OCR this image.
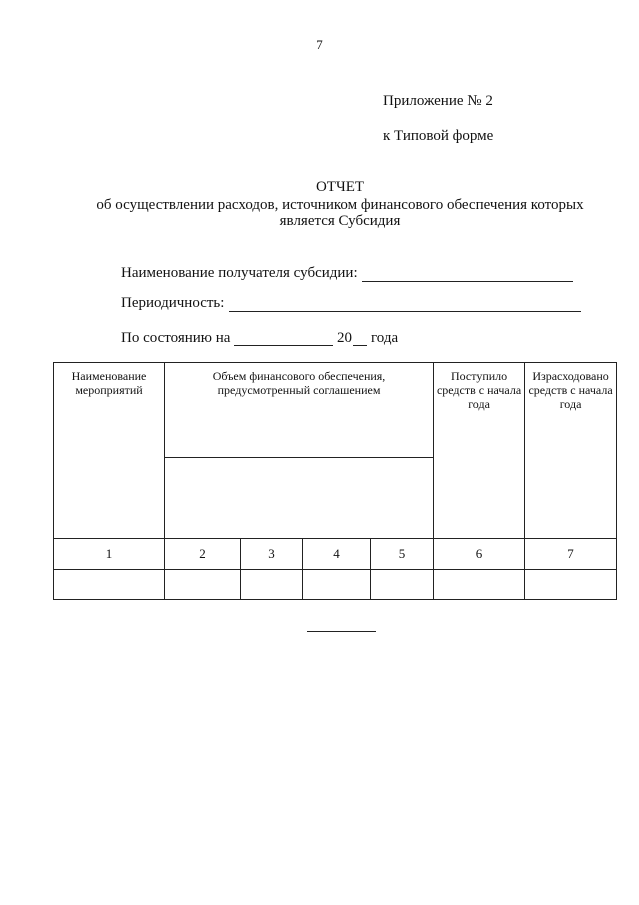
7
Приложение № 2
к Типовой форме
ОТЧЕТ
об осуществлении расходов, источником финансового обеспечения которых
является Субсидия
Наименование получателя субсидии:
Периодичность:
По состоянию на	20 года
Наименование мероприятий	Объем финансового обеспечения, предусмотренный соглашением				Поступило средств с начала года	Израсходовано средств с начала года

1	2	3	4	5	6	7
